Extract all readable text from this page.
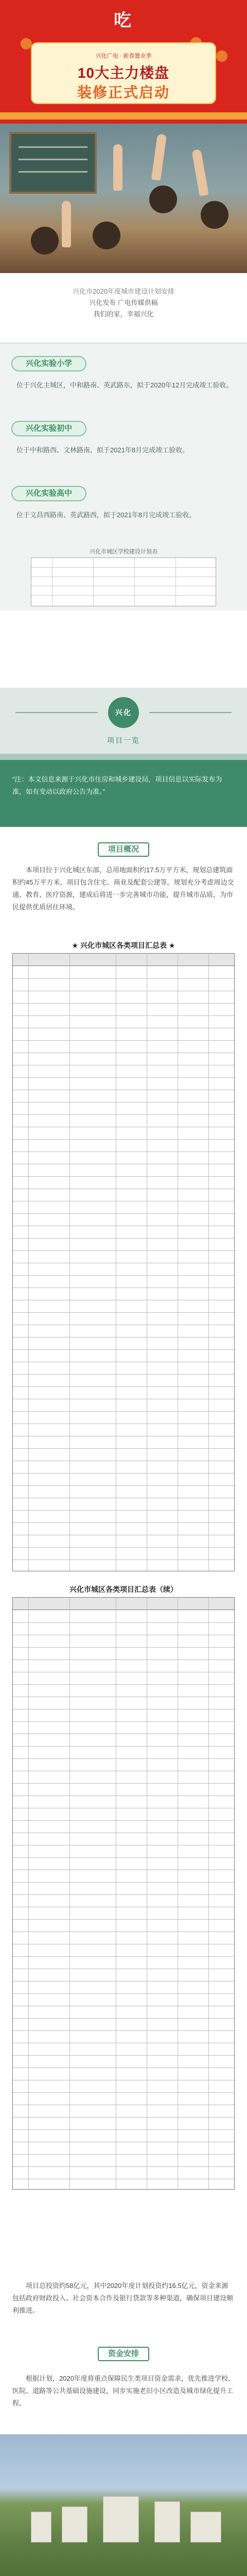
吃
兴化广电 · 新春置业季
10大主力楼盘
装修正式启动

兴化市2020年度城市建设计划安排

兴化发布 广电传媒供稿

我们的家，幸福兴化

兴化实验小学
位于兴化主城区，中和路南、英武路东，拟于2020年12月完成竣工验收。
兴化实验初中
位于中和路西、文林路南，拟于2021年8月完成竣工验收。
兴化实验高中
位于文昌西路南、英武路西，拟于2021年8月完成竣工验收。
兴化市城区学校建设计划表
兴化
项目一览

“注：本文信息来源于兴化市住房和城乡建设局，项目信息以实际发布为准，如有变动以政府公告为准。”

项目概况
本项目位于兴化城区东部，总用地面积约17.5万平方米，规划总建筑面积约45万平方米，项目包含住宅、商业及配套公建等，规划充分考虑周边交通、教育、医疗资源，建成后将进一步完善城市功能，提升城市品质，为市民提供优质居住环境。
★ 兴化市城区各类项目汇总表 ★
兴化市城区各类项目汇总表（续）
项目总投资约58亿元，其中2020年度计划投资约16.5亿元，资金来源包括政府财政投入、社会资本合作及银行贷款等多种渠道，确保项目建设顺利推进。
资金安排
根据计划，2020年度将重点保障民生类项目资金需求，优先推进学校、医院、道路等公共基础设施建设，同步实施老旧小区改造及城市绿化提升工程。
